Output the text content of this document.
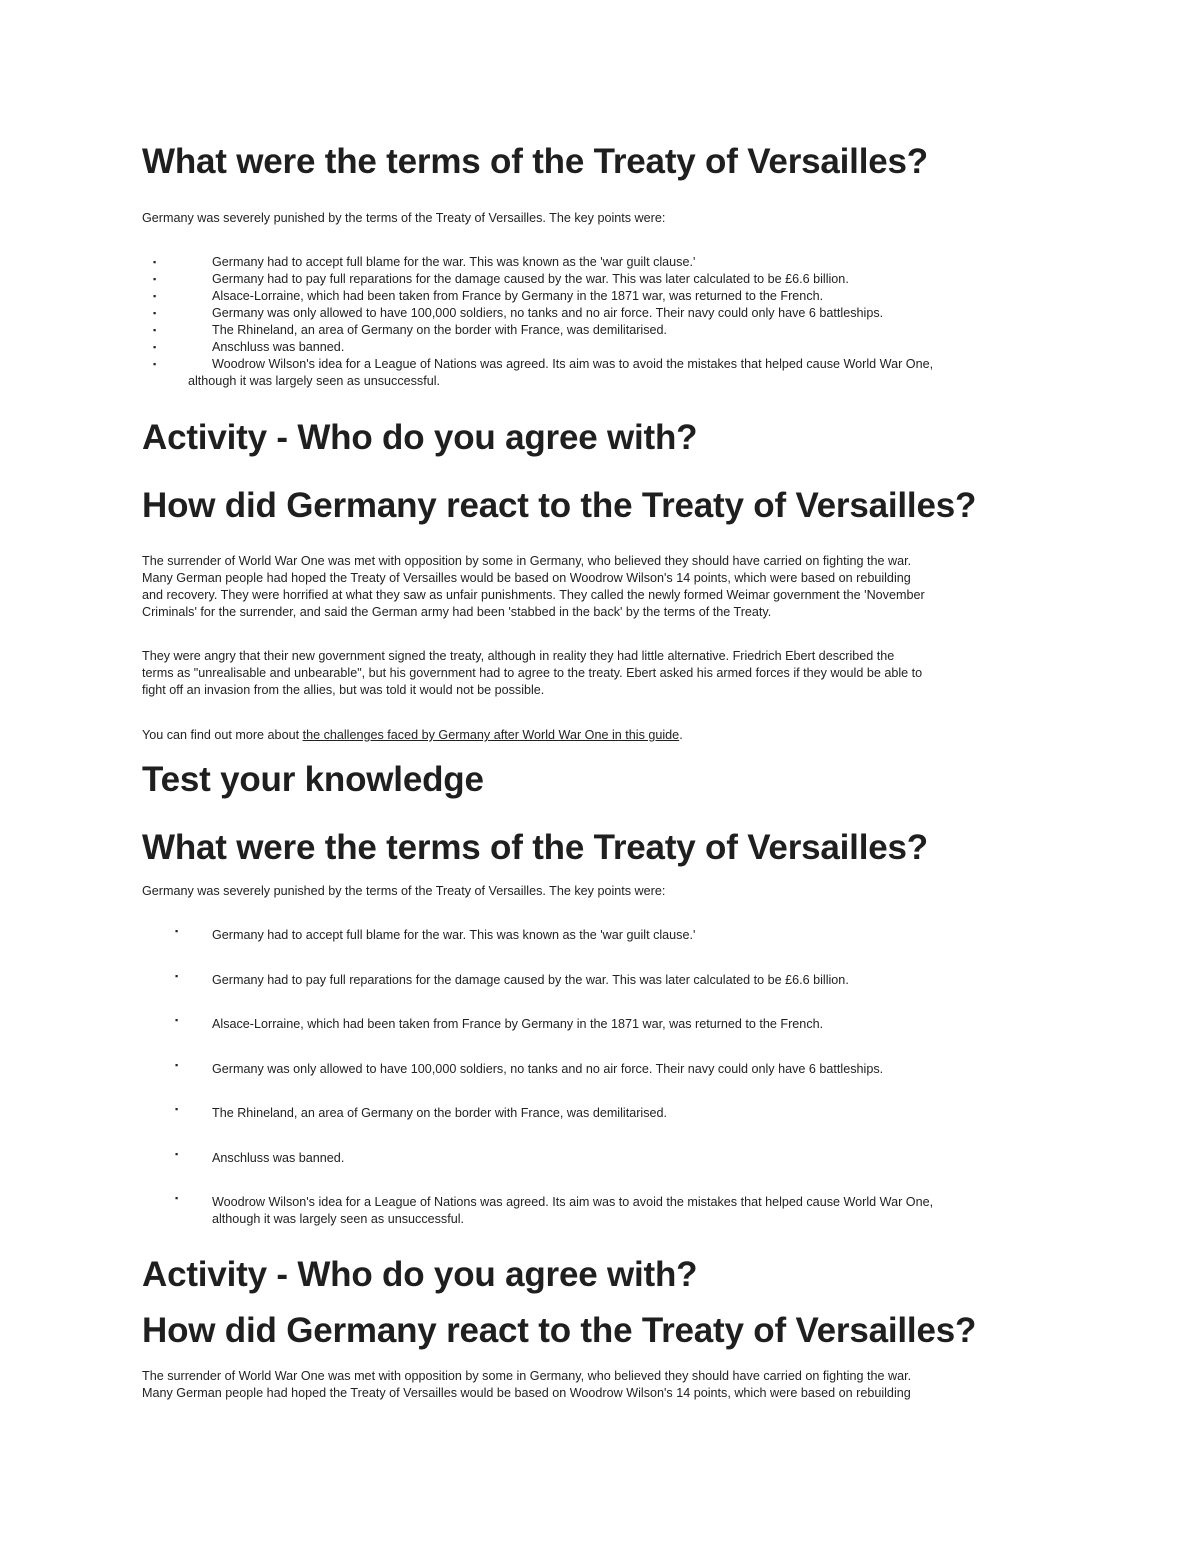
What were the terms of the Treaty of Versailles?

Germany was severely punished by the terms of the Treaty of Versailles. The key points were:

▪	Germany had to accept full blame for the war. This was known as the 'war guilt clause.'
▪	Germany had to pay full reparations for the damage caused by the war. This was later calculated to be £6.6 billion.
▪	Alsace-Lorraine, which had been taken from France by Germany in the 1871 war, was returned to the French.
▪	Germany was only allowed to have 100,000 soldiers, no tanks and no air force. Their navy could only have 6 battleships.
▪	The Rhineland, an area of Germany on the border with France, was demilitarised.
▪	Anschluss was banned.
▪	Woodrow Wilson's idea for a League of Nations was agreed. Its aim was to avoid the mistakes that helped cause World War One,
although it was largely seen as unsuccessful.
Activity - Who do you agree with?
How did Germany react to the Treaty of Versailles?
The surrender of World War One was met with opposition by some in Germany, who believed they should have carried on fighting the war.
Many German people had hoped the Treaty of Versailles would be based on Woodrow Wilson's 14 points, which were based on rebuilding
and recovery. They were horrified at what they saw as unfair punishments. They called the newly formed Weimar government the 'November
Criminals' for the surrender, and said the German army had been 'stabbed in the back' by the terms of the Treaty.
They were angry that their new government signed the treaty, although in reality they had little alternative. Friedrich Ebert described the
terms as "unrealisable and unbearable", but his government had to agree to the treaty. Ebert asked his armed forces if they would be able to
fight off an invasion from the allies, but was told it would not be possible.

You can find out more about the challenges faced by Germany after World War One in this guide.

Test your knowledge
What were the terms of the Treaty of Versailles?

Germany was severely punished by the terms of the Treaty of Versailles. The key points were:

▪	Germany had to accept full blame for the war. This was known as the 'war guilt clause.'
▪	Germany had to pay full reparations for the damage caused by the war. This was later calculated to be £6.6 billion.
▪	Alsace-Lorraine, which had been taken from France by Germany in the 1871 war, was returned to the French.
▪	Germany was only allowed to have 100,000 soldiers, no tanks and no air force. Their navy could only have 6 battleships.
▪	The Rhineland, an area of Germany on the border with France, was demilitarised.
▪	Anschluss was banned.
▪	Woodrow Wilson's idea for a League of Nations was agreed. Its aim was to avoid the mistakes that helped cause World War One,
although it was largely seen as unsuccessful.
Activity - Who do you agree with?
How did Germany react to the Treaty of Versailles?
The surrender of World War One was met with opposition by some in Germany, who believed they should have carried on fighting the war.
Many German people had hoped the Treaty of Versailles would be based on Woodrow Wilson's 14 points, which were based on rebuilding
